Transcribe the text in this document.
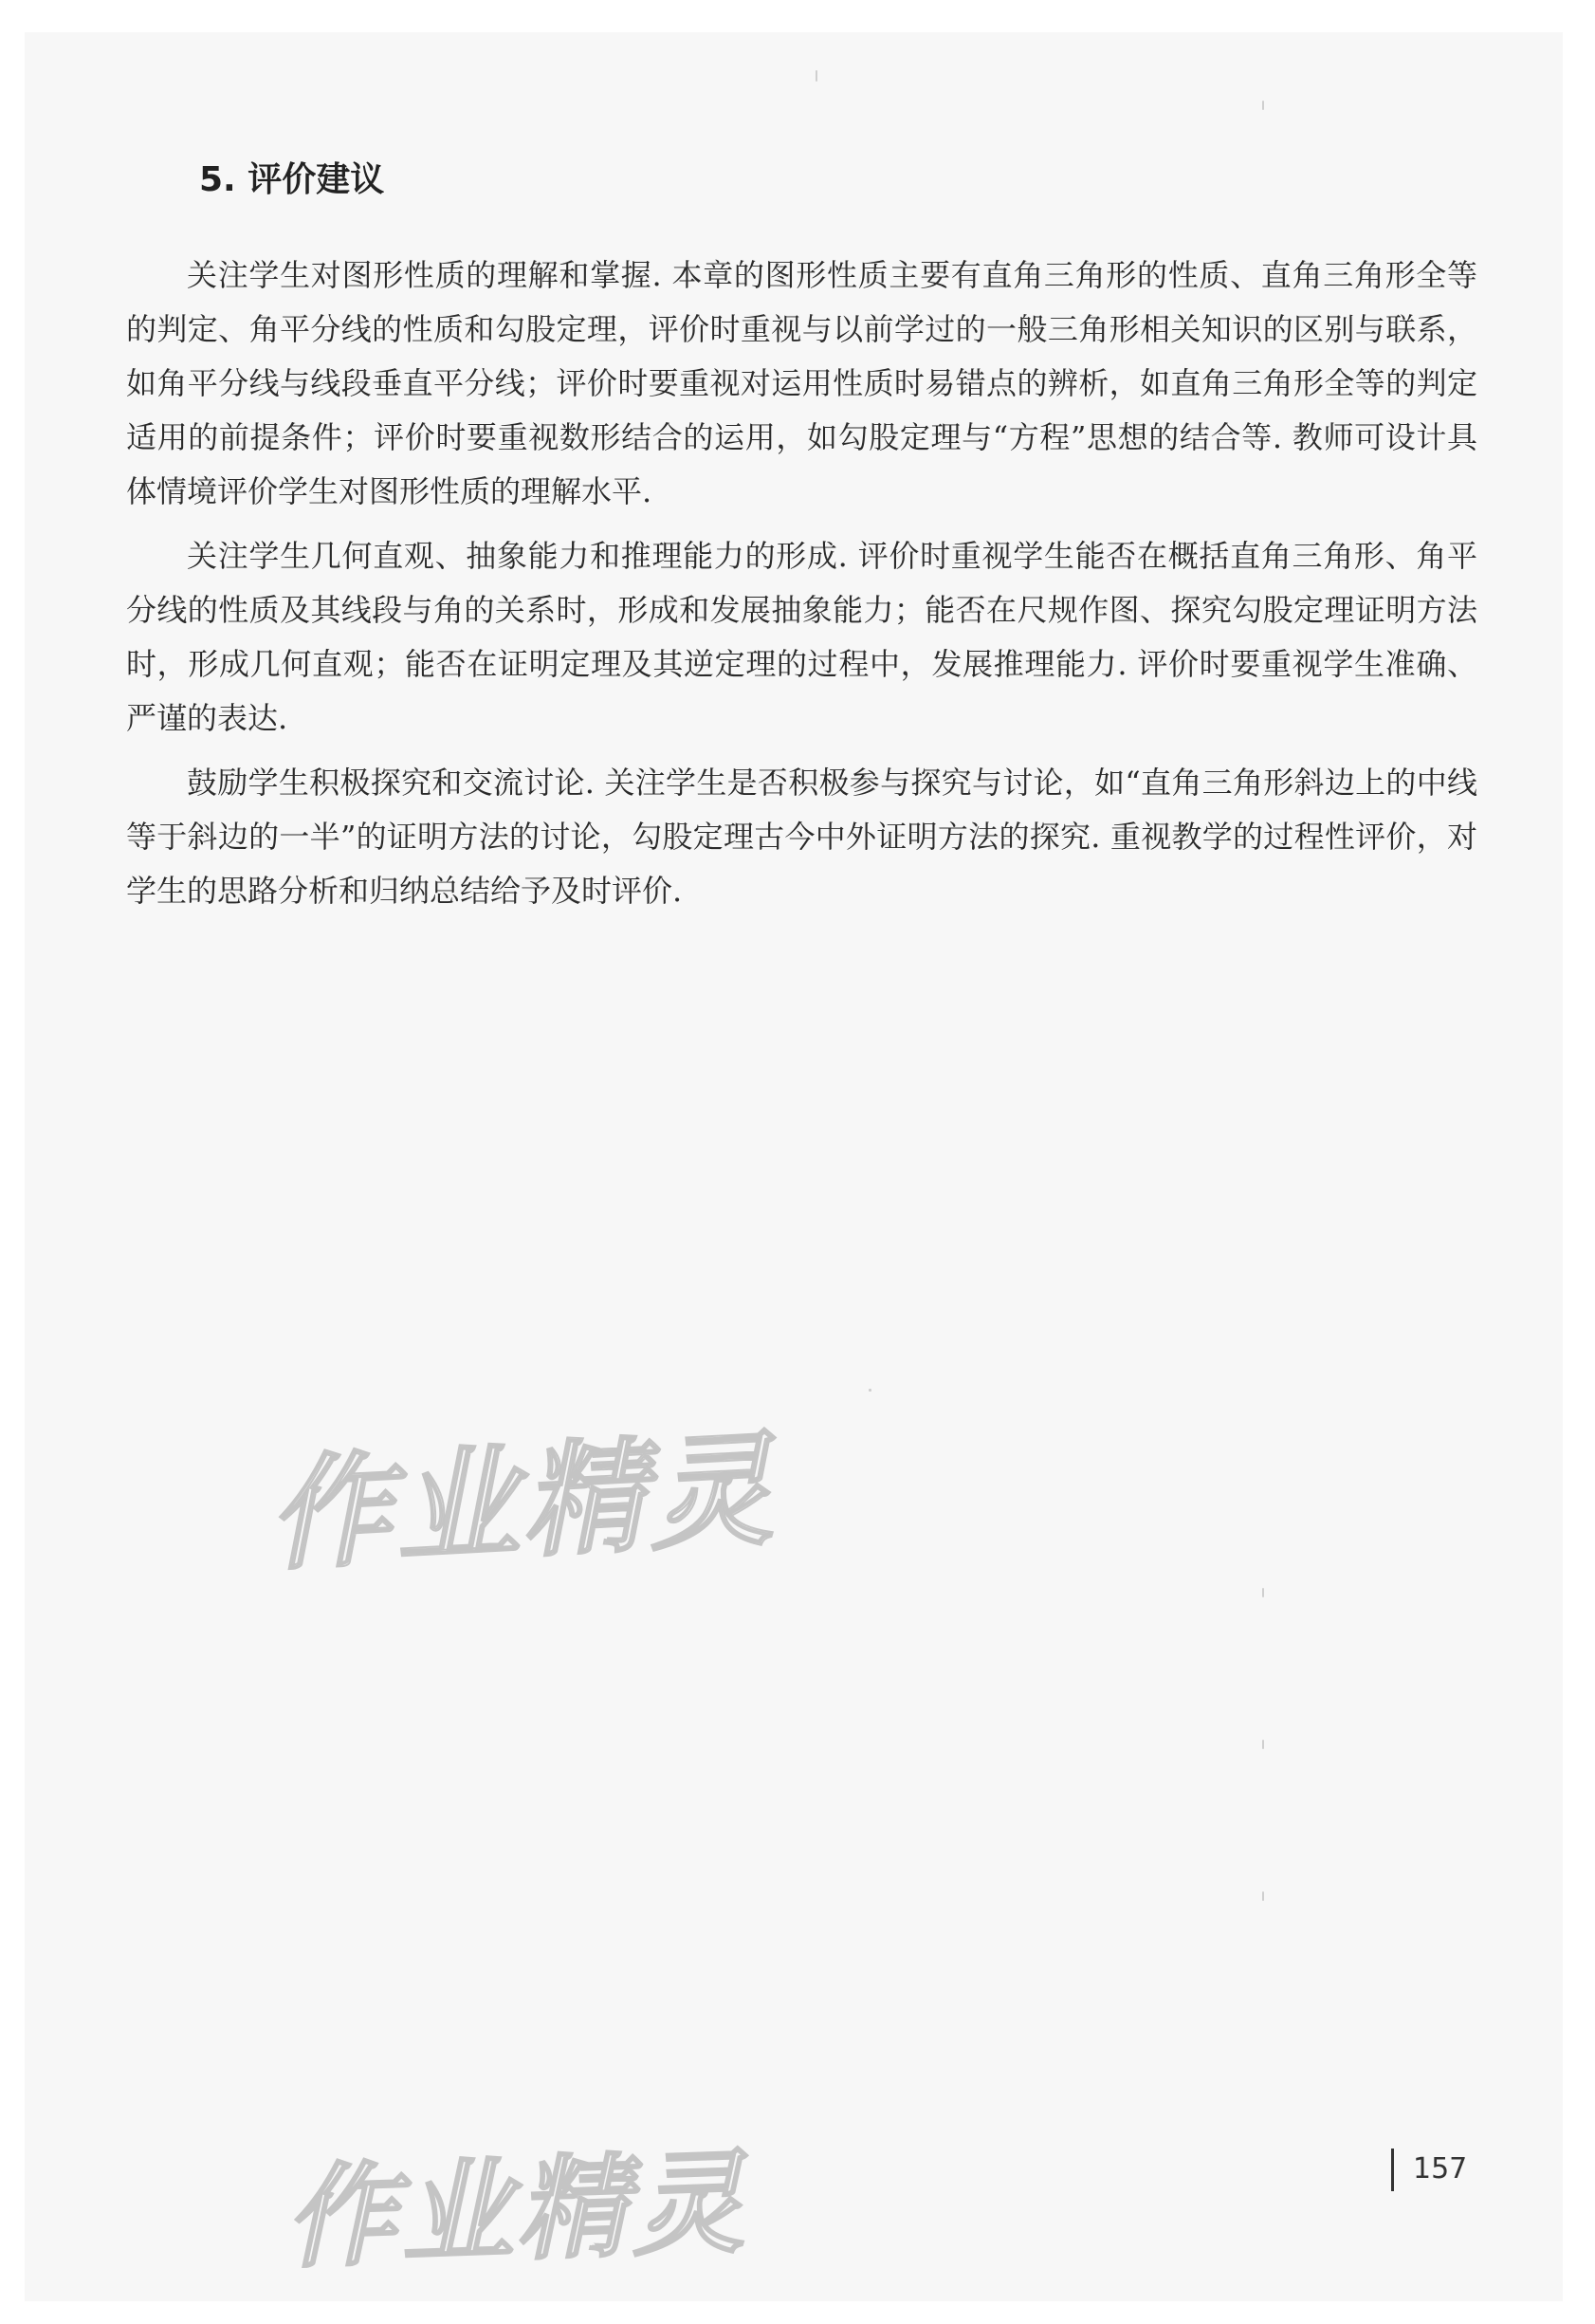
5. 评价建议

关注学生对图形性质的理解和掌握. 本章的图形性质主要有直角三角形的性质、直角三角形全等的判定、角平分线的性质和勾股定理，评价时重视与以前学过的一般三角形相关知识的区别与联系，如角平分线与线段垂直平分线；评价时要重视对运用性质时易错点的辨析，如直角三角形全等的判定适用的前提条件；评价时要重视数形结合的运用，如勾股定理与“方程”思想的结合等. 教师可设计具体情境评价学生对图形性质的理解水平.

关注学生几何直观、抽象能力和推理能力的形成. 评价时重视学生能否在概括直角三角形、角平分线的性质及其线段与角的关系时，形成和发展抽象能力；能否在尺规作图、探究勾股定理证明方法时，形成几何直观；能否在证明定理及其逆定理的过程中，发展推理能力. 评价时要重视学生准确、严谨的表达.

鼓励学生积极探究和交流讨论. 关注学生是否积极参与探究与讨论，如“直角三角形斜边上的中线等于斜边的一半”的证明方法的讨论，勾股定理古今中外证明方法的探究. 重视教学的过程性评价，对学生的思路分析和归纳总结给予及时评价.

作业精灵
作业精灵	157
